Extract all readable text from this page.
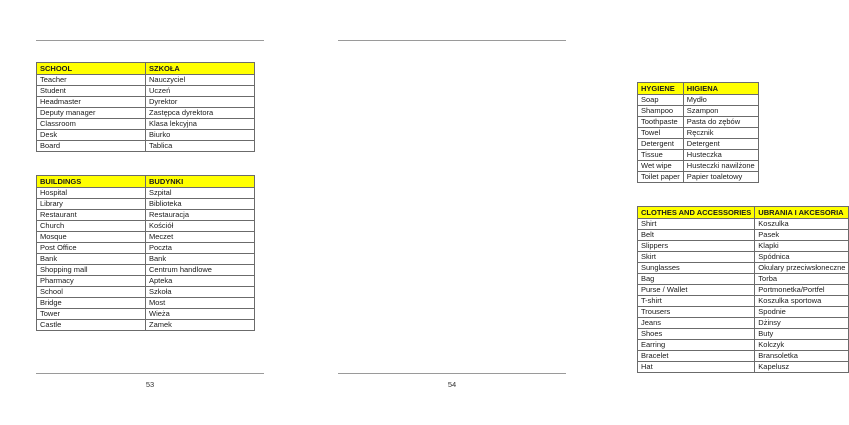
SCHOOL	SZKOŁA
Teacher	Nauczyciel
Student	Uczeń
Headmaster	Dyrektor
Deputy manager	Zastępca dyrektora
Classroom	Klasa lekcyjna
Desk	Biurko
Board	Tablica
BUILDINGS	BUDYNKI
Hospital	Szpital
Library	Biblioteka
Restaurant	Restauracja
Church	Kościół
Mosque	Meczet
Post Office	Poczta
Bank	Bank
Shopping mall	Centrum handlowe
Pharmacy	Apteka
School	Szkoła
Bridge	Most
Tower	Wieża
Castle	Zamek
53
HYGIENE	HIGIENA
Soap	Mydło
Shampoo	Szampon
Toothpaste	Pasta do zębów
Towel	Ręcznik
Detergent	Detergent
Tissue	Husteczka
Wet wipe	Husteczki nawilżone
Toilet paper	Papier toaletowy
CLOTHES AND ACCESSORIES	UBRANIA I AKCESORIA
Shirt	Koszulka
Belt	Pasek
Slippers	Klapki
Skirt	Spódnica
Sunglasses	Okulary przeciwsłoneczne
Bag	Torba
Purse / Wallet	Portmonetka/Portfel
T-shirt	Koszulka sportowa
Trousers	Spodnie
Jeans	Dżinsy
Shoes	Buty
Earring	Kolczyk
Bracelet	Bransoletka
Hat	Kapelusz
54
